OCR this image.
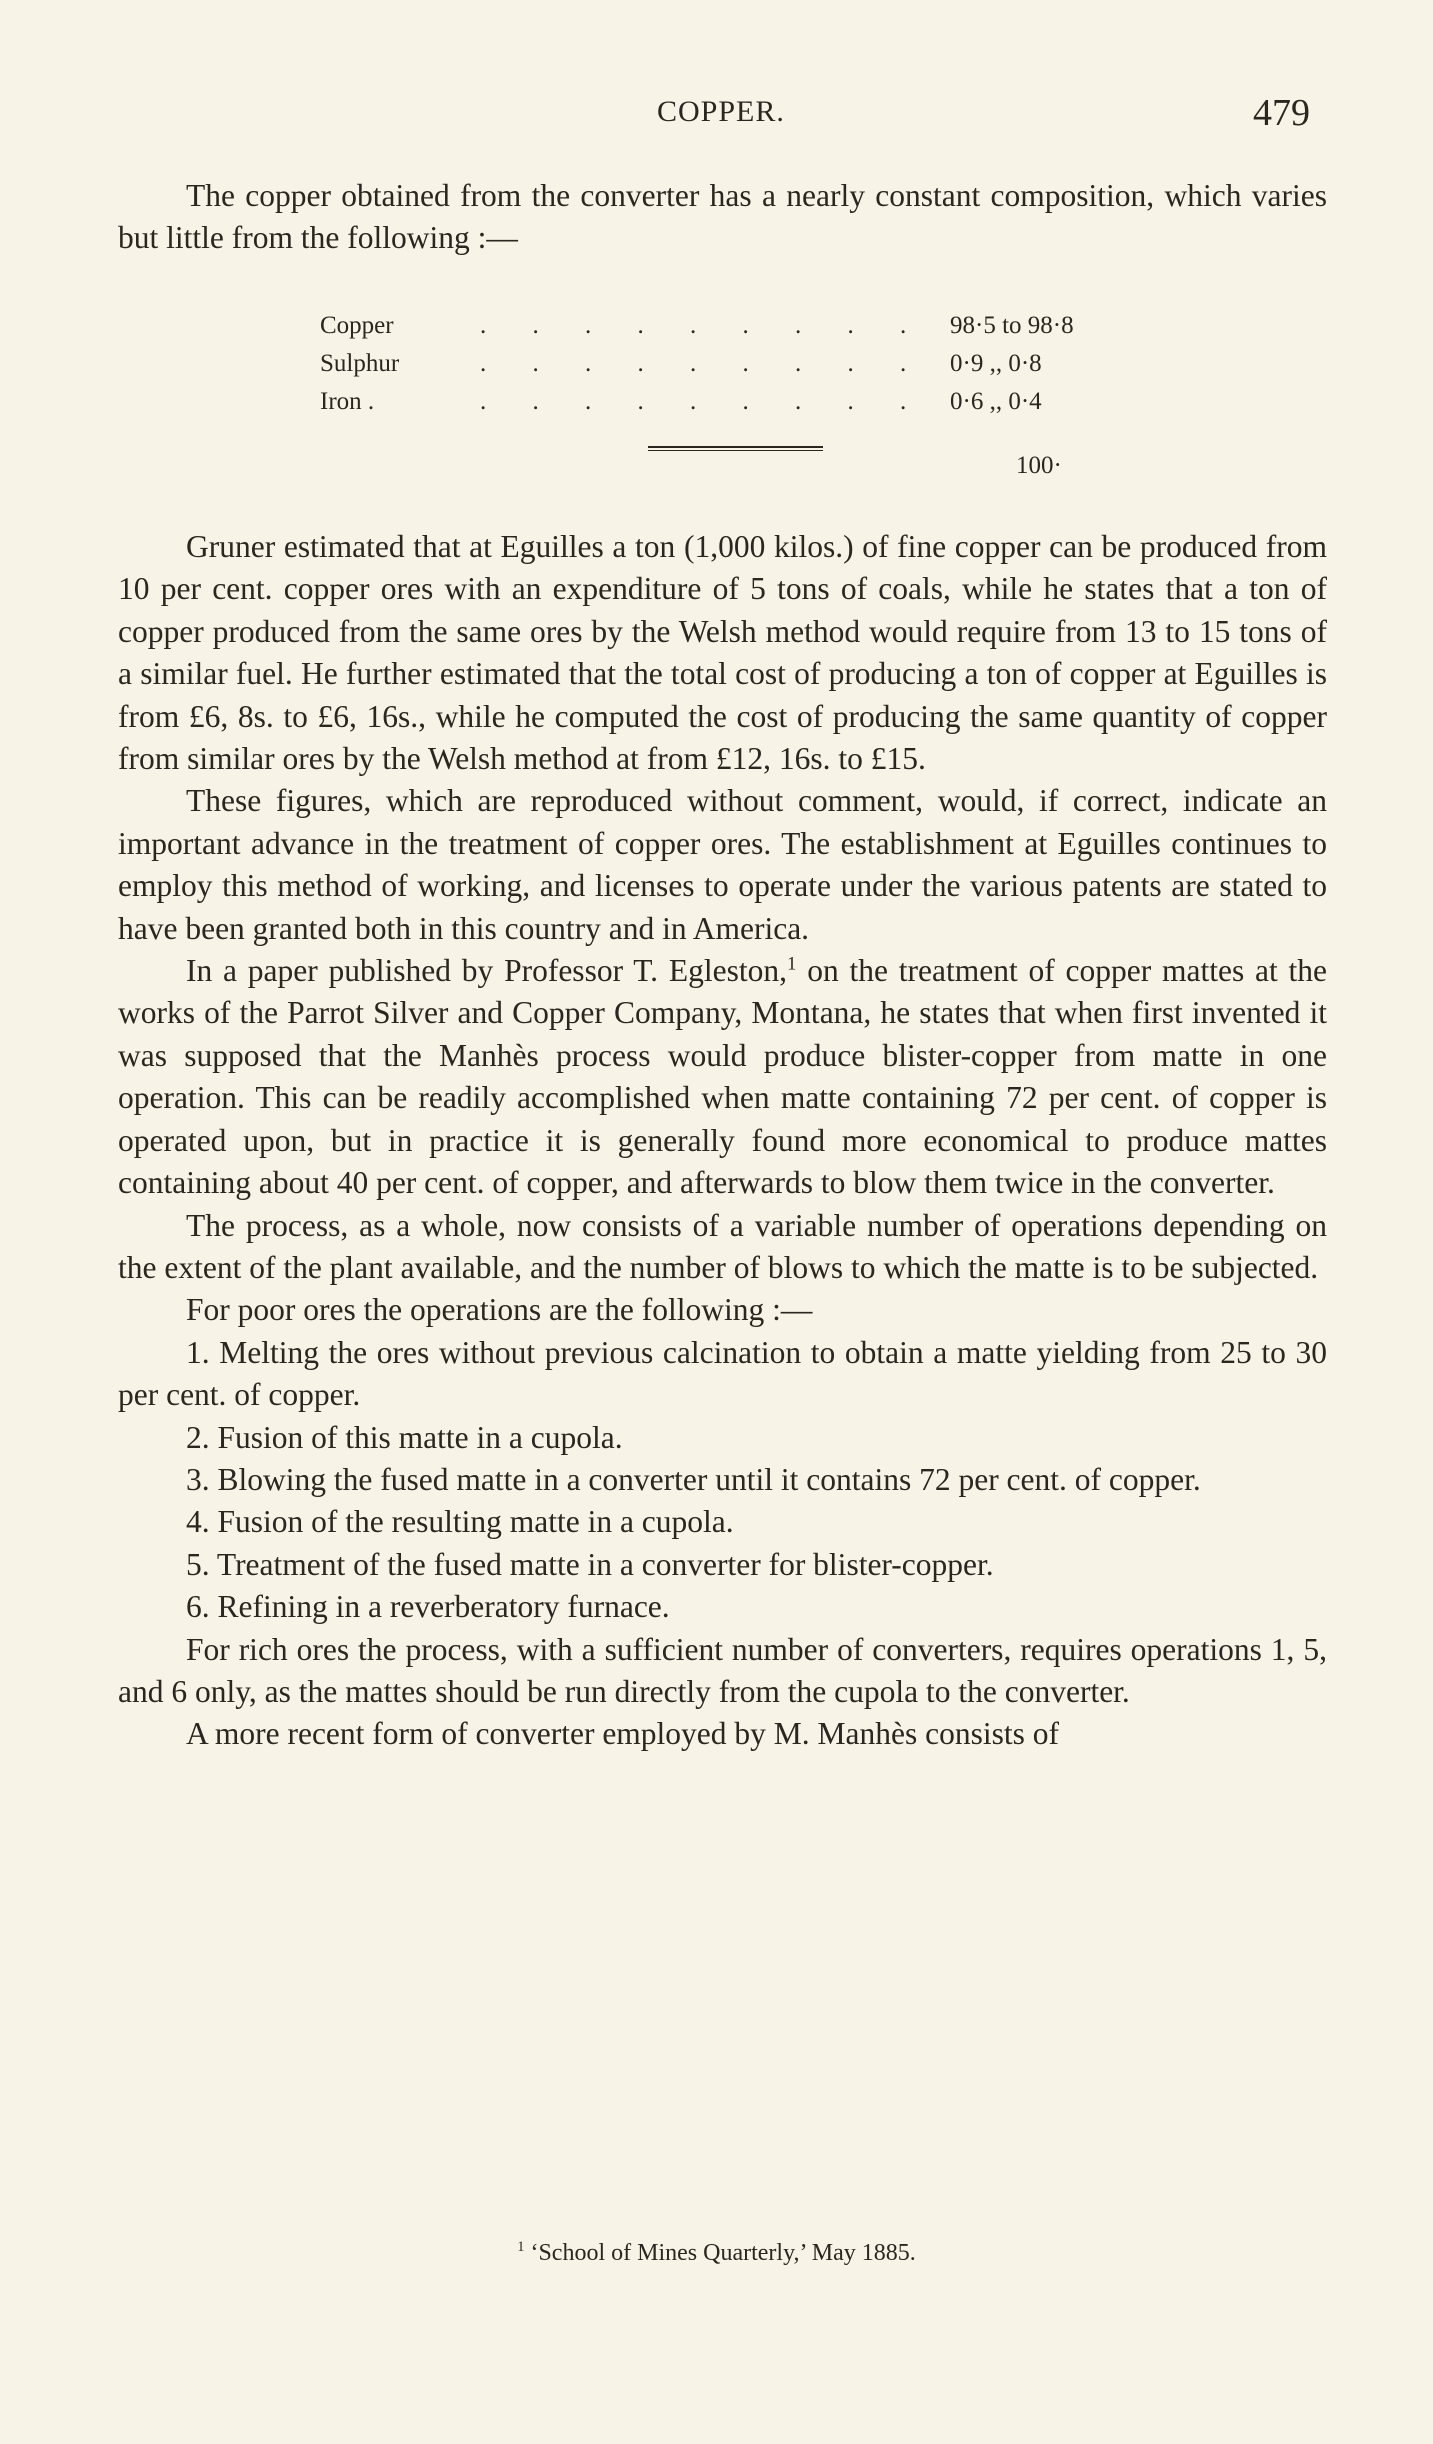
COPPER.	479

The copper obtained from the converter has a nearly constant composition, which varies but little from the following :—

Copper	. . . . . . . . . 98·5 to 98·8
Sulphur	. . . . . . . . . 0·9 ,, 0·8
Iron .	. . . . . . . . . 0·6 ,, 0·4
100·

Gruner estimated that at Eguilles a ton (1,000 kilos.) of fine copper can be produced from 10 per cent. copper ores with an expenditure of 5 tons of coals, while he states that a ton of copper produced from the same ores by the Welsh method would require from 13 to 15 tons of a similar fuel. He further estimated that the total cost of producing a ton of copper at Eguilles is from £6, 8s. to £6, 16s., while he computed the cost of producing the same quantity of copper from similar ores by the Welsh method at from £12, 16s. to £15.

These figures, which are reproduced without comment, would, if correct, indicate an important advance in the treatment of copper ores. The establishment at Eguilles continues to employ this method of working, and licenses to operate under the various patents are stated to have been granted both in this country and in America.

In a paper published by Professor T. Egleston,$^1$ on the treatment of copper mattes at the works of the Parrot Silver and Copper Company, Montana, he states that when first invented it was supposed that the Manhès process would produce blister-copper from matte in one operation. This can be readily accomplished when matte containing 72 per cent. of copper is operated upon, but in practice it is generally found more economical to produce mattes containing about 40 per cent. of copper, and afterwards to blow them twice in the converter.

The process, as a whole, now consists of a variable number of operations depending on the extent of the plant available, and the number of blows to which the matte is to be subjected.

For poor ores the operations are the following :—

1. Melting the ores without previous calcination to obtain a matte yielding from 25 to 30 per cent. of copper.

2. Fusion of this matte in a cupola.

3. Blowing the fused matte in a converter until it contains 72 per cent. of copper.

4. Fusion of the resulting matte in a cupola.

5. Treatment of the fused matte in a converter for blister-copper.

6. Refining in a reverberatory furnace.

For rich ores the process, with a sufficient number of converters, requires operations 1, 5, and 6 only, as the mattes should be run directly from the cupola to the converter.

A more recent form of converter employed by M. Manhès consists of

$^1$ ‘School of Mines Quarterly,’ May 1885.
